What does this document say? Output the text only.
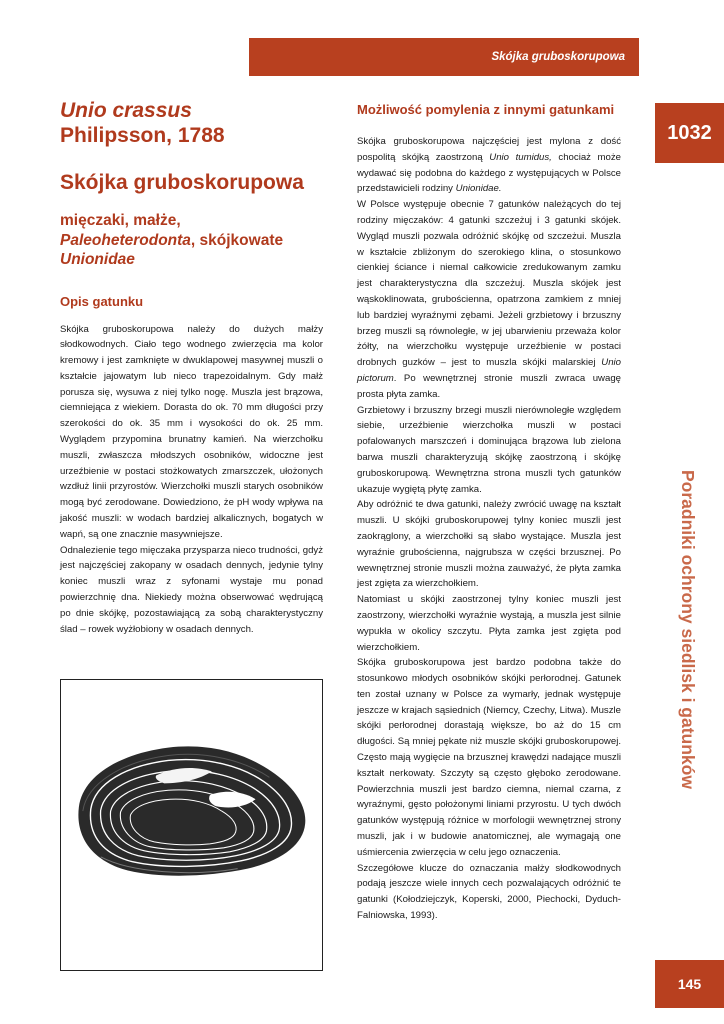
Skójka gruboskorupowa
1032
Poradniki ochrony siedlisk i gatunków
145
Unio crassus
Philipsson, 1788
Skójka gruboskorupowa
mięczaki, małże,
Paleoheterodonta, skójkowate
Unionidae
Opis gatunku

Skójka gruboskorupowa należy do dużych małży słodkowodnych. Ciało tego wodnego zwierzęcia ma kolor kremowy i jest zamknięte w dwuklapowej masywnej muszli o kształcie jajowatym lub nieco trapezoidalnym. Gdy małż porusza się, wysuwa z niej tylko nogę. Muszla jest brązowa, ciemniejąca z wiekiem. Dorasta do ok. 70 mm długości przy szerokości do ok. 35 mm i wysokości do ok. 25 mm. Wyglądem przypomina brunatny kamień. Na wierzchołku muszli, zwłaszcza młodszych osobników, widoczne jest urzeźbienie w postaci stożkowatych zmarszczek, ułożonych wzdłuż linii przyrostów. Wierzchołki muszli starych osobników mogą być zerodowane. Dowiedziono, że pH wody wpływa na jakość muszli: w wodach bardziej alkalicznych, bogatych w wapń, są one znacznie masywniejsze.

Odnalezienie tego mięczaka przysparza nieco trudności, gdyż jest najczęściej zakopany w osadach dennych, jedynie tylny koniec muszli wraz z syfonami wystaje mu ponad powierzchnię dna. Niekiedy można obserwować wędrującą po dnie skójkę, pozostawiającą za sobą charakterystyczny ślad – rowek wyżłobiony w osadach dennych.

Możliwość pomylenia z innymi gatunkami

Skójka gruboskorupowa najczęściej jest mylona z dość pospolitą skójką zaostrzoną Unio tumidus, chociaż może wydawać się podobna do każdego z występujących w Polsce przedstawicieli rodziny Unionidae.

W Polsce występuje obecnie 7 gatunków należących do tej rodziny mięczaków: 4 gatunki szczeżuj i 3 gatunki skójek. Wygląd muszli pozwala odróżnić skójkę od szczeżui. Muszla w kształcie zbliżonym do szerokiego klina, o stosunkowo cienkiej ściance i niemal całkowicie zredukowanym zamku jest charakterystyczna dla szczeżuj. Muszla skójek jest wąskoklinowata, grubościenna, opatrzona zamkiem z mniej lub bardziej wyraźnymi zębami. Jeżeli grzbietowy i brzuszny brzeg muszli są równoległe, w jej ubarwieniu przeważa kolor żółty, na wierzchołku występuje urzeźbienie w postaci drobnych guzków – jest to muszla skójki malarskiej Unio pictorum. Po wewnętrznej stronie muszli zwraca uwagę prosta płyta zamka.

Grzbietowy i brzuszny brzegi muszli nierównoległe względem siebie, urzeźbienie wierzchołka muszli w postaci pofalowanych marszczeń i dominująca brązowa lub zielona barwa muszli charakteryzują skójkę zaostrzoną i skójkę gruboskorupową. Wewnętrzna strona muszli tych gatunków ukazuje wygiętą płytę zamka.

Aby odróżnić te dwa gatunki, należy zwrócić uwagę na kształt muszli. U skójki gruboskorupowej tylny koniec muszli jest zaokrąglony, a wierzchołki są słabo wystające. Muszla jest wyraźnie grubościenna, najgrubsza w części brzusznej. Po wewnętrznej stronie muszli można zauważyć, że płyta zamka jest zgięta za wierzchołkiem.

Natomiast u skójki zaostrzonej tylny koniec muszli jest zaostrzony, wierzchołki wyraźnie wystają, a muszla jest silnie wypukła w okolicy szczytu. Płyta zamka jest zgięta pod wierzchołkiem.

Skójka gruboskorupowa jest bardzo podobna także do stosunkowo młodych osobników skójki perłorodnej. Gatunek ten został uznany w Polsce za wymarły, jednak występuje jeszcze w krajach sąsiednich (Niemcy, Czechy, Litwa). Muszle skójki perłorodnej dorastają większe, bo aż do 15 cm długości. Są mniej pękate niż muszle skójki gruboskorupowej. Często mają wygięcie na brzusznej krawędzi nadające muszli kształt nerkowaty. Szczyty są często głęboko zerodowane. Powierzchnia muszli jest bardzo ciemna, niemal czarna, z wyraźnymi, gęsto położonymi liniami przyrostu. U tych dwóch gatunków występują różnice w morfologii wewnętrznej strony muszli, jak i w budowie anatomicznej, ale wymagają one uśmiercenia zwierzęcia w celu jego oznaczenia.

Szczegółowe klucze do oznaczania małży słodkowodnych podają jeszcze wiele innych cech pozwalających odróżnić te gatunki (Kołodziejczyk, Koperski, 2000, Piechocki, Dyduch-Falniowska, 1993).
